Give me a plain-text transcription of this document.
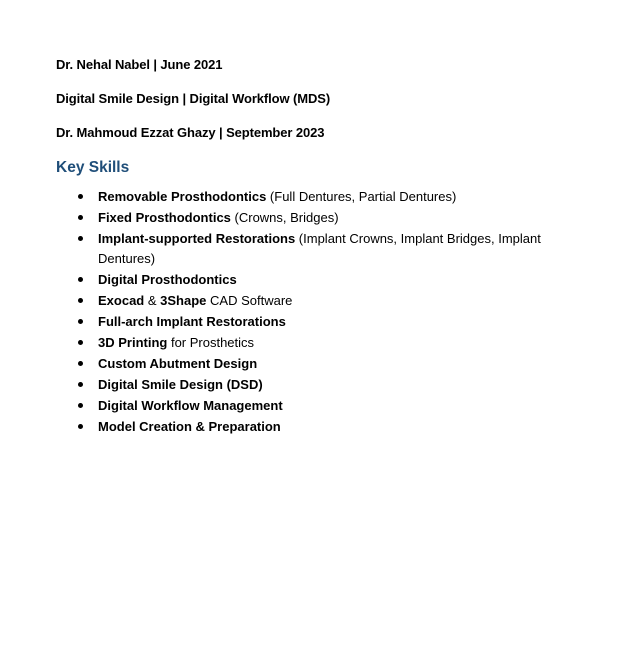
Dr. Nehal Nabel | June 2021
Digital Smile Design | Digital Workflow (MDS)
Dr. Mahmoud Ezzat Ghazy | September 2023
Key Skills
Removable Prosthodontics (Full Dentures, Partial Dentures)
Fixed Prosthodontics (Crowns, Bridges)
Implant-supported Restorations (Implant Crowns, Implant Bridges, Implant Dentures)
Digital Prosthodontics
Exocad & 3Shape CAD Software
Full-arch Implant Restorations
3D Printing for Prosthetics
Custom Abutment Design
Digital Smile Design (DSD)
Digital Workflow Management
Model Creation & Preparation
